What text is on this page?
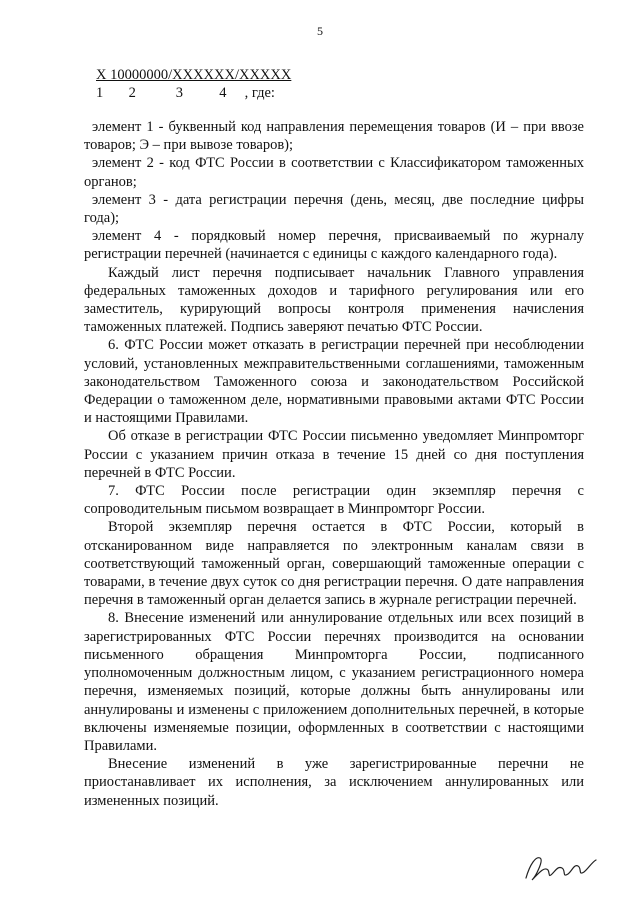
5
Х 10000000/XXXXXX/XXXXX
1       2           3          4     , где:

элемент 1 - буквенный код направления перемещения товаров (И – при ввозе товаров; Э – при вывозе товаров);

элемент 2 - код ФТС России в соответствии с Классификатором таможенных органов;

элемент 3 - дата регистрации перечня (день, месяц, две последние цифры года);

элемент 4 - порядковый номер перечня, присваиваемый по журналу регистрации перечней (начинается с единицы с каждого календарного года).

Каждый лист перечня подписывает начальник Главного управления федеральных таможенных доходов и тарифного регулирования или его заместитель, курирующий вопросы контроля применения начисления таможенных платежей. Подпись заверяют печатью ФТС России.

6. ФТС России может отказать в регистрации перечней при несоблюдении условий, установленных межправительственными соглашениями, таможенным законодательством Таможенного союза и законодательством Российской Федерации о таможенном деле, нормативными правовыми актами ФТС России и настоящими Правилами.

Об отказе в регистрации ФТС России письменно уведомляет Минпромторг России с указанием причин отказа в течение 15 дней со дня поступления перечней в ФТС России.

7. ФТС России после регистрации один экземпляр перечня с сопроводительным письмом возвращает в Минпромторг России.

Второй экземпляр перечня остается в ФТС России, который в отсканированном виде направляется по электронным каналам связи в соответствующий таможенный орган, совершающий таможенные операции с товарами, в течение двух суток со дня регистрации перечня. О дате направления перечня в таможенный орган делается запись в журнале регистрации перечней.

8. Внесение изменений или аннулирование отдельных или всех позиций в зарегистрированных ФТС России перечнях производится на основании письменного обращения Минпромторга России, подписанного уполномоченным должностным лицом, с указанием регистрационного номера перечня, изменяемых позиций, которые должны быть аннулированы или аннулированы и изменены с приложением дополнительных перечней, в которые включены изменяемые позиции, оформленных в соответствии с настоящими Правилами.

Внесение изменений в уже зарегистрированные перечни не приостанавливает их исполнения, за исключением аннулированных или измененных позиций.
